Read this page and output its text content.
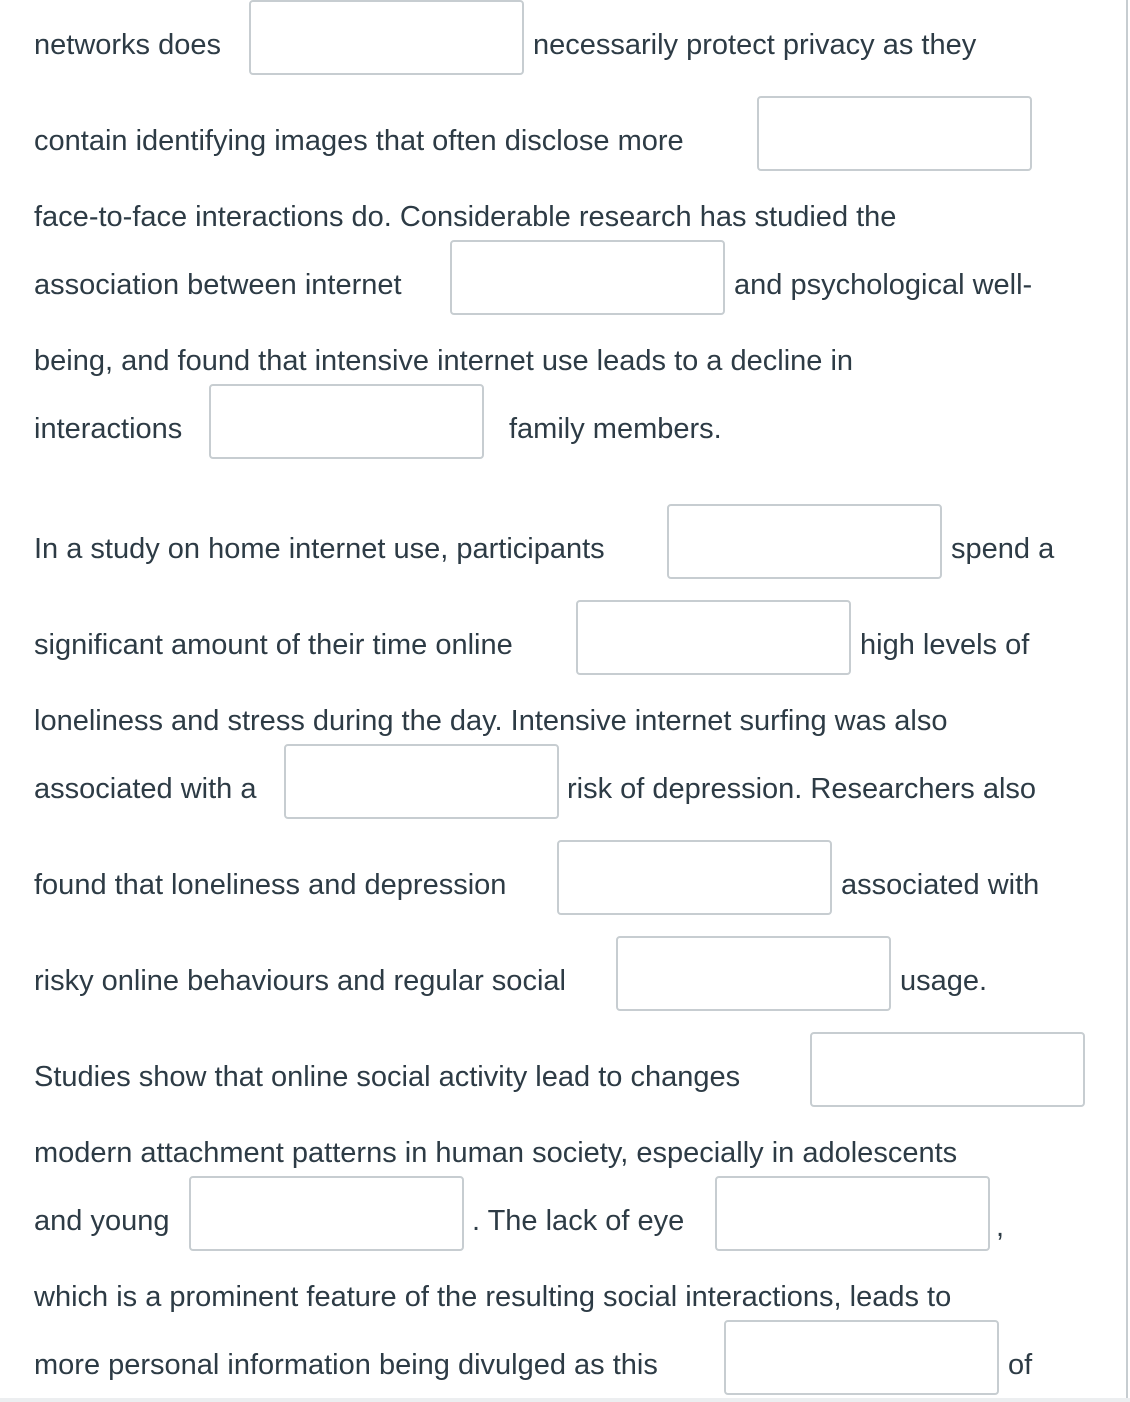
networks does	necessarily protect privacy as they
contain identifying images that often disclose more
face-to-face interactions do. Considerable research has studied the
association between internet	and psychological well-
being, and found that intensive internet use leads to a decline in
interactions	family members.
In a study on home internet use, participants	spend a
significant amount of their time online	high levels of
loneliness and stress during the day. Intensive internet surfing was also
associated with a	risk of depression. Researchers also
found that loneliness and depression	associated with
risky online behaviours and regular social	usage.
Studies show that online social activity lead to changes
modern attachment patterns in human society, especially in adolescents
and young	. The lack of eye	,
which is a prominent feature of the resulting social interactions, leads to
more personal information being divulged as this	of
